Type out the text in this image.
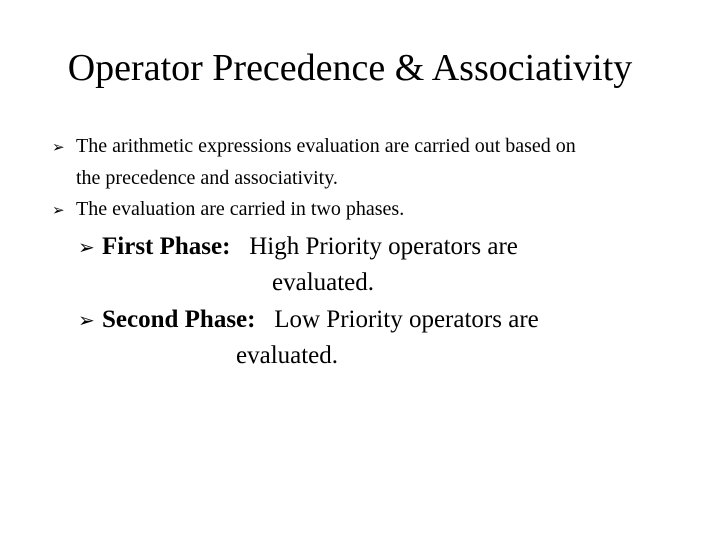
Operator Precedence & Associativity
➢ The arithmetic expressions evaluation are carried out based on
the precedence and associativity.
➢ The evaluation are carried in two phases.
➢ First Phase: High Priority operators are
evaluated.
➢ Second Phase: Low Priority operators are
evaluated.
